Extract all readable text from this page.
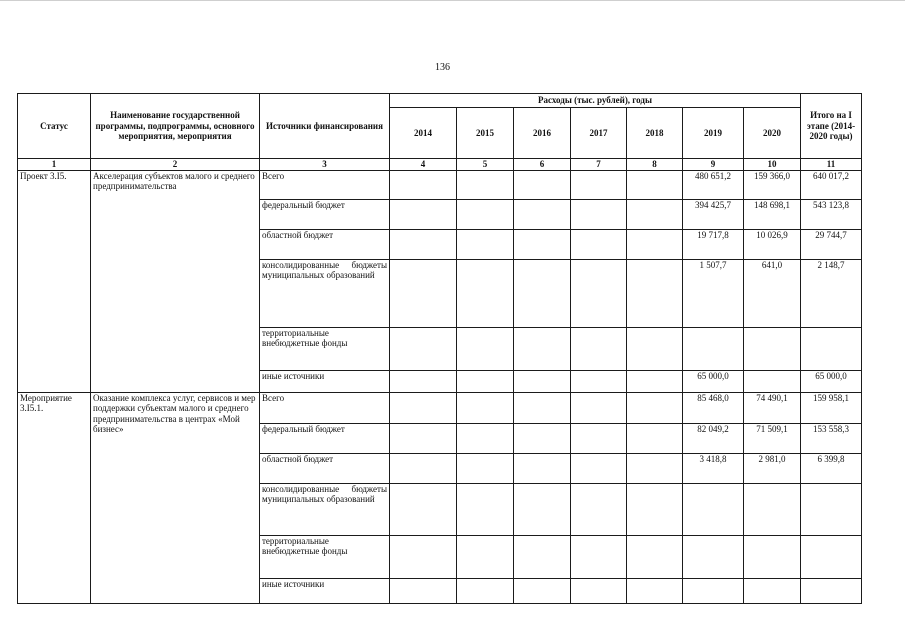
136
Статус	Наименование государственной программы, подпрограммы, основного мероприятия, мероприятия	Источники финансирования	Расходы (тыс. рублей), годы							Итого на I этапе (2014-2020 годы)
			2014	2015	2016	2017	2018	2019	2020	
1	2	3	4	5	6	7	8	9	10	11
Проект 3.I5.	Акселерация субъектов малого и среднего предпринимательства	Всего						480 651,2	159 366,0	640 017,2
		федеральный бюджет						394 425,7	148 698,1	543 123,8
		областной бюджет						19 717,8	10 026,9	29 744,7
		консолидированные бюджеты муниципальных образований						1 507,7	641,0	2 148,7
		территориальные внебюджетные фонды								
		иные источники						65 000,0		65 000,0
Мероприятие 3.I5.1.	Оказание комплекса услуг, сервисов и мер поддержки субъектам малого и среднего предпринимательства в центрах «Мой бизнес»	Всего						85 468,0	74 490,1	159 958,1
		федеральный бюджет						82 049,2	71 509,1	153 558,3
		областной бюджет						3 418,8	2 981,0	6 399,8
		консолидированные бюджеты муниципальных образований								
		территориальные внебюджетные фонды								
		иные источники								
